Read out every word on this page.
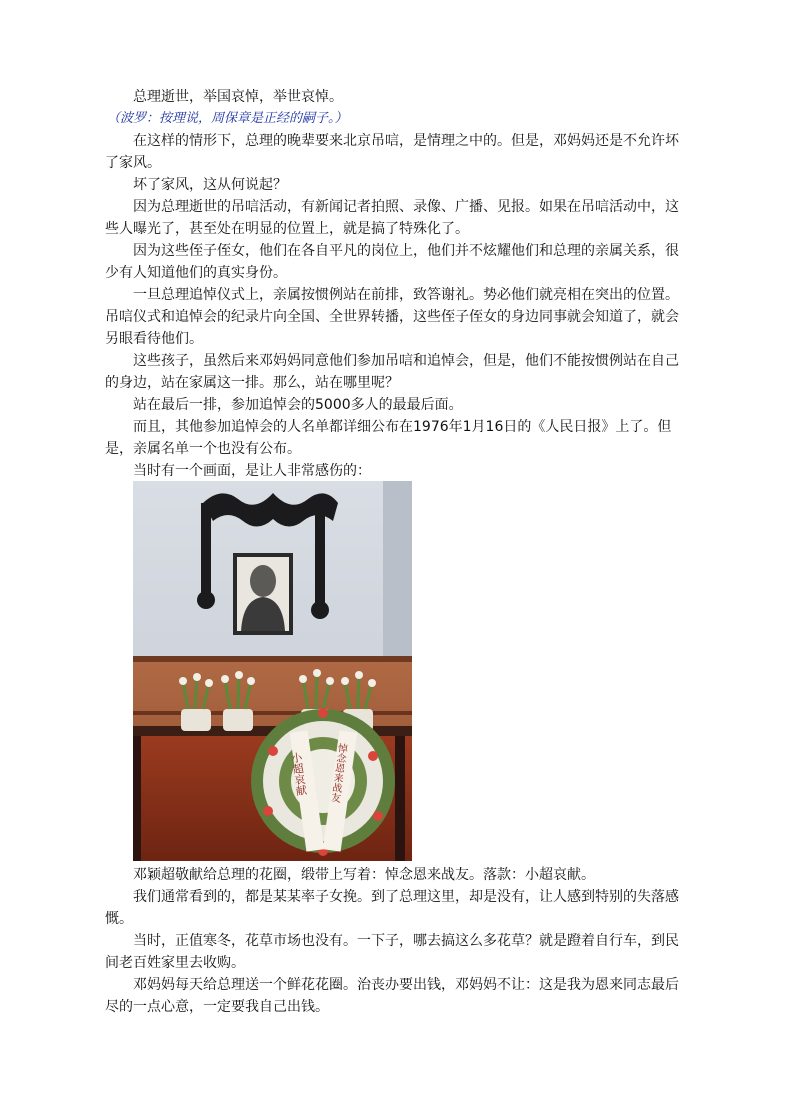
　　总理逝世，举国哀悼，举世哀悼。

（波罗：按理说，周保章是正经的嗣子。）

　　在这样的情形下，总理的晚辈要来北京吊唁，是情理之中的。但是，邓妈妈还是不允许坏了家风。

　　坏了家风，这从何说起？

　　因为总理逝世的吊唁活动，有新闻记者拍照、录像、广播、见报。如果在吊唁活动中，这些人曝光了，甚至处在明显的位置上，就是搞了特殊化了。

　　因为这些侄子侄女，他们在各自平凡的岗位上，他们并不炫耀他们和总理的亲属关系，很少有人知道他们的真实身份。

　　一旦总理追悼仪式上，亲属按惯例站在前排，致答谢礼。势必他们就亮相在突出的位置。吊唁仪式和追悼会的纪录片向全国、全世界转播，这些侄子侄女的身边同事就会知道了，就会另眼看待他们。

　　这些孩子，虽然后来邓妈妈同意他们参加吊唁和追悼会，但是，他们不能按惯例站在自己的身边，站在家属这一排。那么，站在哪里呢？

　　站在最后一排，参加追悼会的5000多人的最最后面。

　　而且，其他参加追悼会的人名单都详细公布在1976年1月16日的《人民日报》上了。但是，亲属名单一个也没有公布。

　　当时有一个画面，是让人非常感伤的：

小超哀献 悼念恩来战友
邓颖超敬献给总理的花圈，缎带上写着：悼念恩来战友。落款：小超哀献。

　　我们通常看到的，都是某某率子女挽。到了总理这里，却是没有，让人感到特别的失落感慨。

　　当时，正值寒冬，花草市场也没有。一下子，哪去搞这么多花草？就是蹬着自行车，到民间老百姓家里去收购。

　　邓妈妈每天给总理送一个鲜花花圈。治丧办要出钱，邓妈妈不让：这是我为恩来同志最后尽的一点心意，一定要我自己出钱。
